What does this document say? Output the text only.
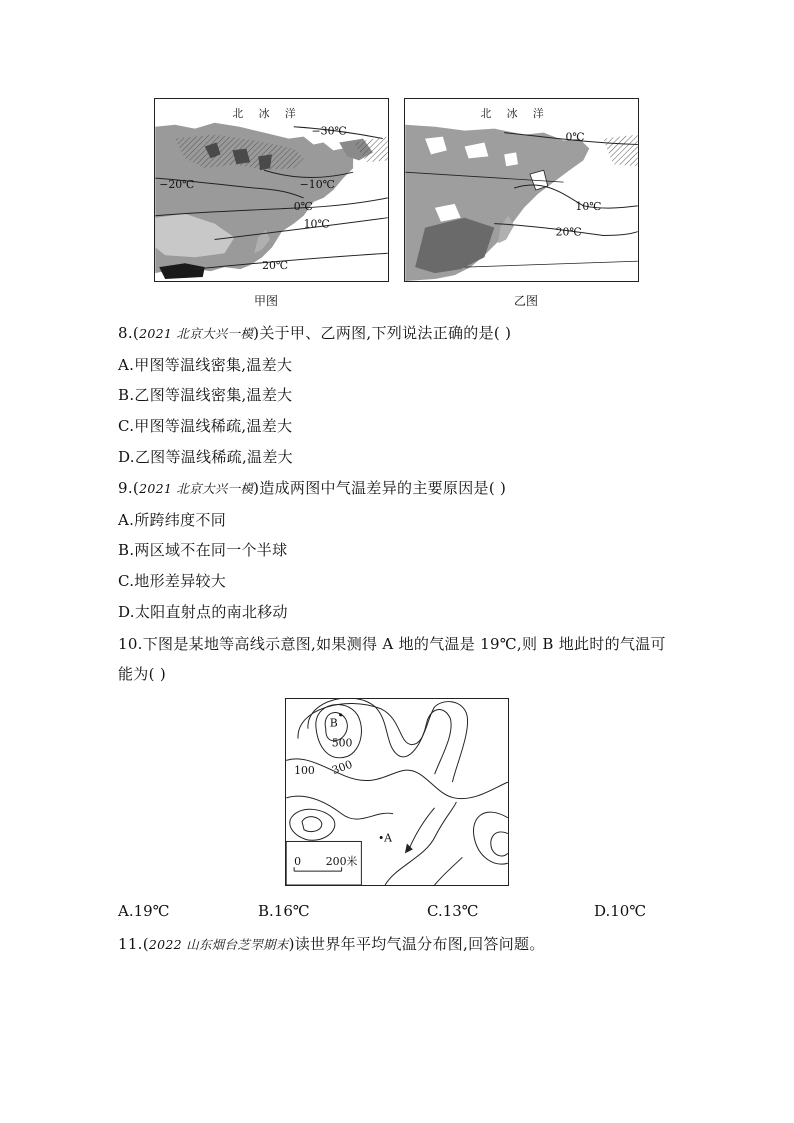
北 冰 洋
−30℃
−20℃	−10℃
0℃
10℃
20℃
甲图
北 冰 洋
0℃
10℃
20℃
乙图
8.(2021 北京大兴一模)关于甲、乙两图,下列说法正确的是( )
A.甲图等温线密集,温差大
B.乙图等温线密集,温差大
C.甲图等温线稀疏,温差大
D.乙图等温线稀疏,温差大
9.(2021 北京大兴一模)造成两图中气温差异的主要原因是( )
A.所跨纬度不同
B.两区域不在同一个半球
C.地形差异较大
D.太阳直射点的南北移动
10.下图是某地等高线示意图,如果测得 A 地的气温是 19℃,则 B 地此时的气温可
能为( )
B
A
500
300
100
0 200米
A.19℃	B.16℃	C.13℃	D.10℃
11.(2022 山东烟台芝罘期末)读世界年平均气温分布图,回答问题。
